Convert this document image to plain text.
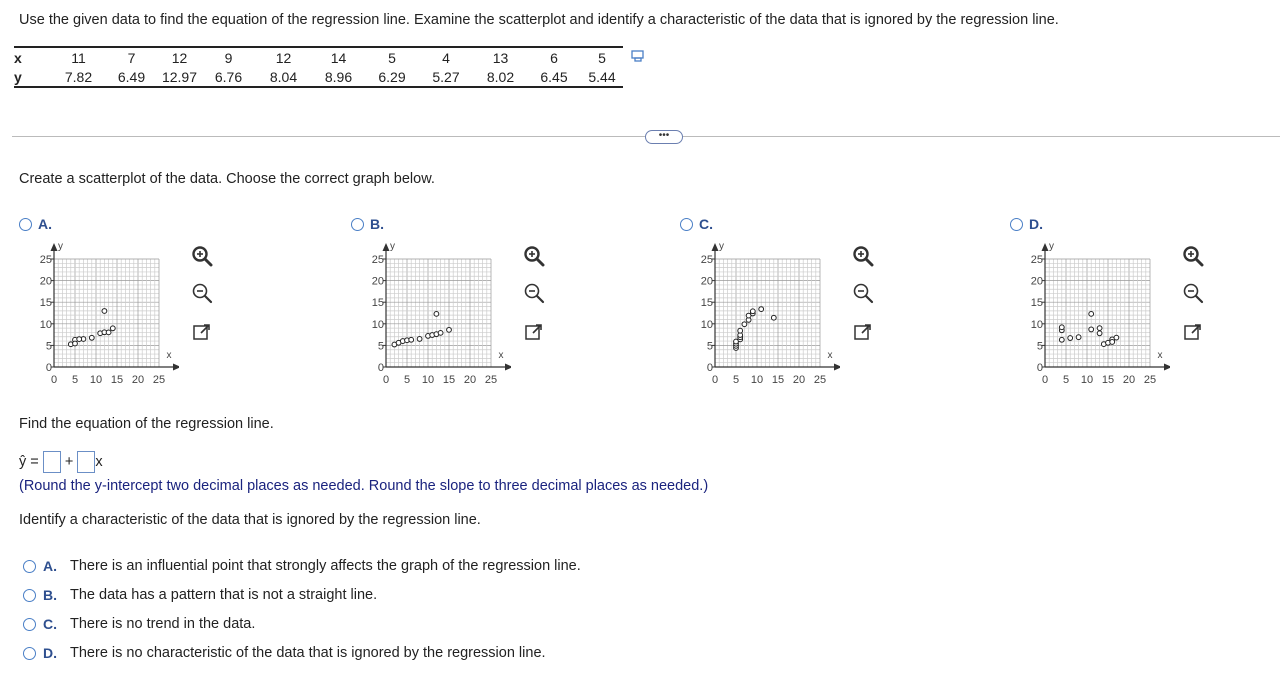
Use the given data to find the equation of the regression line. Examine the scatterplot and identify a characteristic of the data that is ignored by the regression line.
x	11	7	12	9	12	14	5	4	13	6	5
y	7.82	6.49	12.97	6.76	8.04	8.96	6.29	5.27	8.02	6.45	5.44
•••
Create a scatterplot of the data. Choose the correct graph below.
A.
y
x
25
20
15
10
5
0
0 5 10 15 20 25
B.
y
x
25
20
15
10
5
0
0 5 10 15 20 25
C.
y
x
25
20
15
10
5
0
0 5 10 15 20 25
D.
y
x
25
20
15
10
5
0
0 5 10 15 20 25
Find the equation of the regression line.
ŷ = + x
(Round the y-intercept two decimal places as needed. Round the slope to three decimal places as needed.)
Identify a characteristic of the data that is ignored by the regression line.
A. There is an influential point that strongly affects the graph of the regression line.
B. The data has a pattern that is not a straight line.
C. There is no trend in the data.
D. There is no characteristic of the data that is ignored by the regression line.
